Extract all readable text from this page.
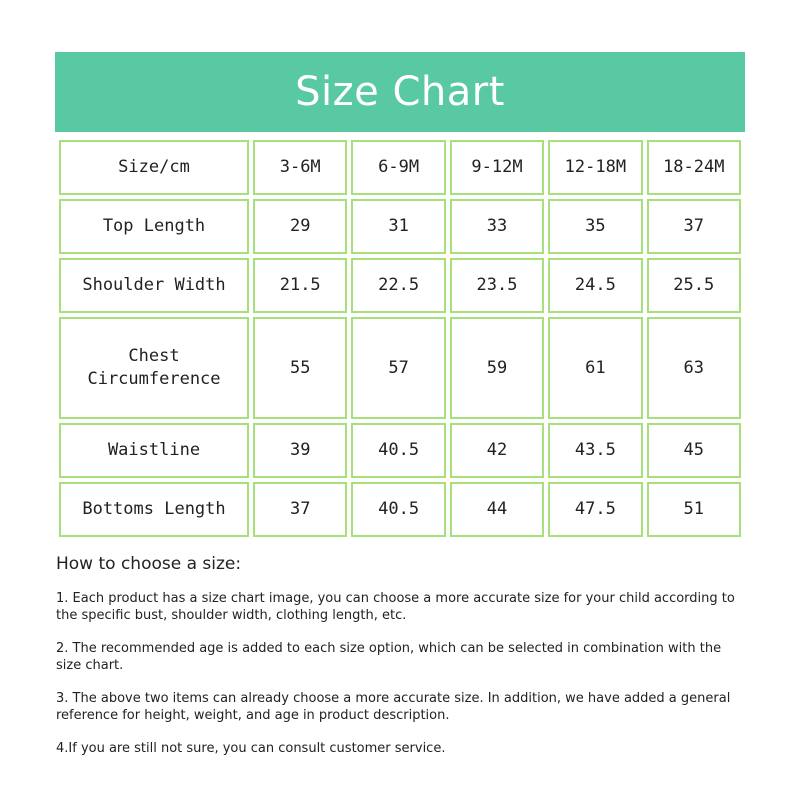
Size Chart
Size/cm	3-6M	6-9M	9-12M	12-18M	18-24M
Top Length	29	31	33	35	37
Shoulder Width	21.5	22.5	23.5	24.5	25.5
Chest
Circumference	55	57	59	61	63
Waistline	39	40.5	42	43.5	45
Bottoms Length	37	40.5	44	47.5	51

How to choose a size:

1. Each product has a size chart image, you can choose a more accurate size for your child according to the specific bust, shoulder width, clothing length, etc.

2. The recommended age is added to each size option, which can be selected in combination with the size chart.

3. The above two items can already choose a more accurate size. In addition, we have added a general reference for height, weight, and age in product description.

4.If you are still not sure, you can consult customer service.
